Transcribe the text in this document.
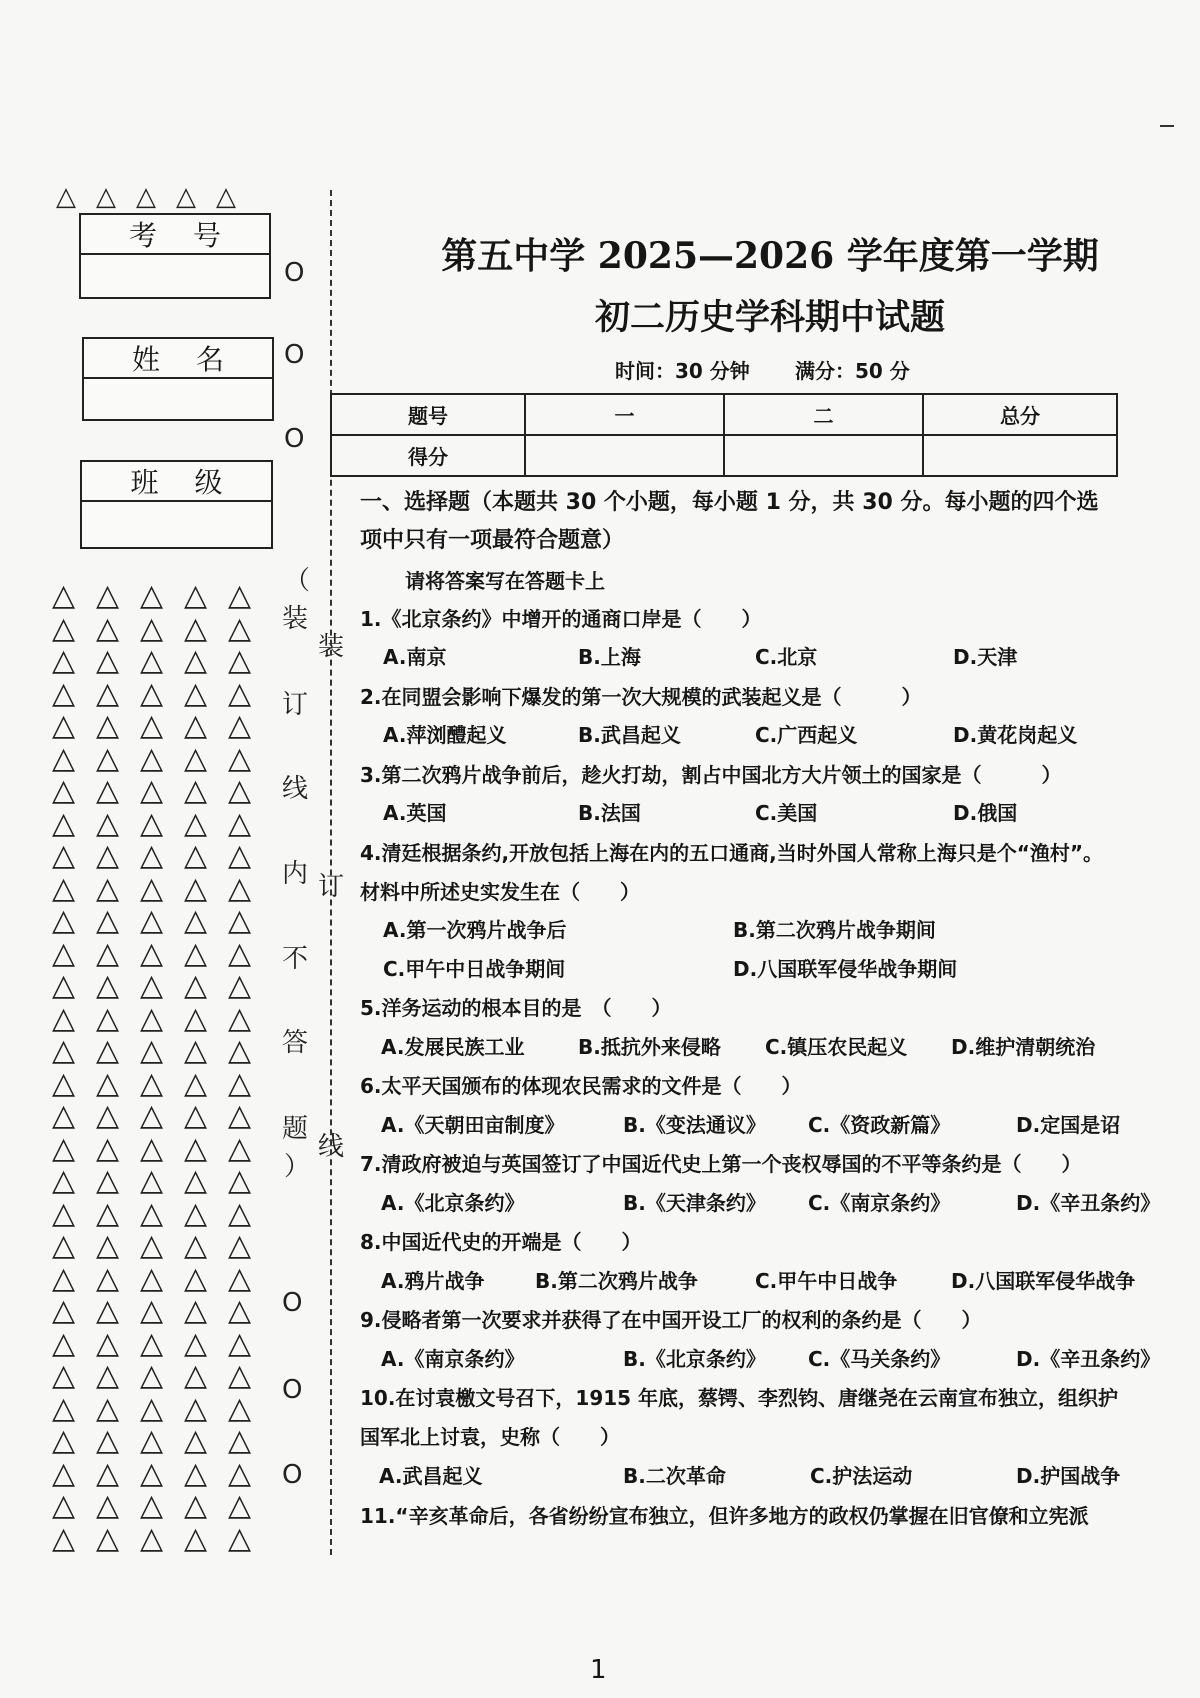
考号
姓名
班级
△△△△△
△ △ △ △ △
△ △ △ △ △
△ △ △ △ △
△ △ △ △ △
△ △ △ △ △
△ △ △ △ △
△ △ △ △ △
△ △ △ △ △
△ △ △ △ △
△ △ △ △ △
△ △ △ △ △
△ △ △ △ △
△ △ △ △ △
△ △ △ △ △
△ △ △ △ △
△ △ △ △ △
△ △ △ △ △
△ △ △ △ △
△ △ △ △ △
△ △ △ △ △
△ △ △ △ △
△ △ △ △ △
△ △ △ △ △
△ △ △ △ △
△ △ △ △ △
△ △ △ △ △
△ △ △ △ △
△ △ △ △ △
△ △ △ △ △
△ △ △ △ △
O
O
O
O
O
O
（
装
订
线
内
不
答
题
）
装
订
线
第五中学 2025—2026 学年度第一学期
初二历史学科期中试题
时间：30 分钟 满分：50 分
题号	一	二	总分
得分			
一、选择题（本题共 30 个小题，每小题 1 分，共 30 分。每小题的四个选
项中只有一项最符合题意）
请将答案写在答题卡上
1.《北京条约》中增开的通商口岸是（　　）
A.南京	B.上海	C.北京	D.天津
2.在同盟会影响下爆发的第一次大规模的武装起义是（　　　）
A.萍浏醴起义	B.武昌起义	C.广西起义	D.黄花岗起义
3.第二次鸦片战争前后，趁火打劫，割占中国北方大片领土的国家是（　　　）
A.英国	B.法国	C.美国	D.俄国
4.清廷根据条约,开放包括上海在内的五口通商,当时外国人常称上海只是个“渔村”。
材料中所述史实发生在（　　）
A.第一次鸦片战争后	B.第二次鸦片战争期间
C.甲午中日战争期间	D.八国联军侵华战争期间
5.洋务运动的根本目的是　（　　）
A.发展民族工业	B.抵抗外来侵略 C.镇压农民起义 D.维护清朝统治
6.太平天国颁布的体现农民需求的文件是（　　）
A.《天朝田亩制度》	B.《变法通议》 C.《资政新篇》	D.定国是诏
7.清政府被迫与英国签订了中国近代史上第一个丧权辱国的不平等条约是（　　）
A.《北京条约》	B.《天津条约》 C.《南京条约》	D.《辛丑条约》
8.中国近代史的开端是（　　）
A.鸦片战争	B.第二次鸦片战争	C.甲午中日战争	D.八国联军侵华战争
9.侵略者第一次要求并获得了在中国开设工厂的权利的条约是（　　）
A.《南京条约》	B.《北京条约》 C.《马关条约》	D.《辛丑条约》
10.在讨袁檄文号召下，1915 年底，蔡锷、李烈钧、唐继尧在云南宣布独立，组织护
国军北上讨袁，史称（　　）
A.武昌起义	B.二次革命	C.护法运动	D.护国战争
11.“辛亥革命后，各省纷纷宣布独立，但许多地方的政权仍掌握在旧官僚和立宪派
1
